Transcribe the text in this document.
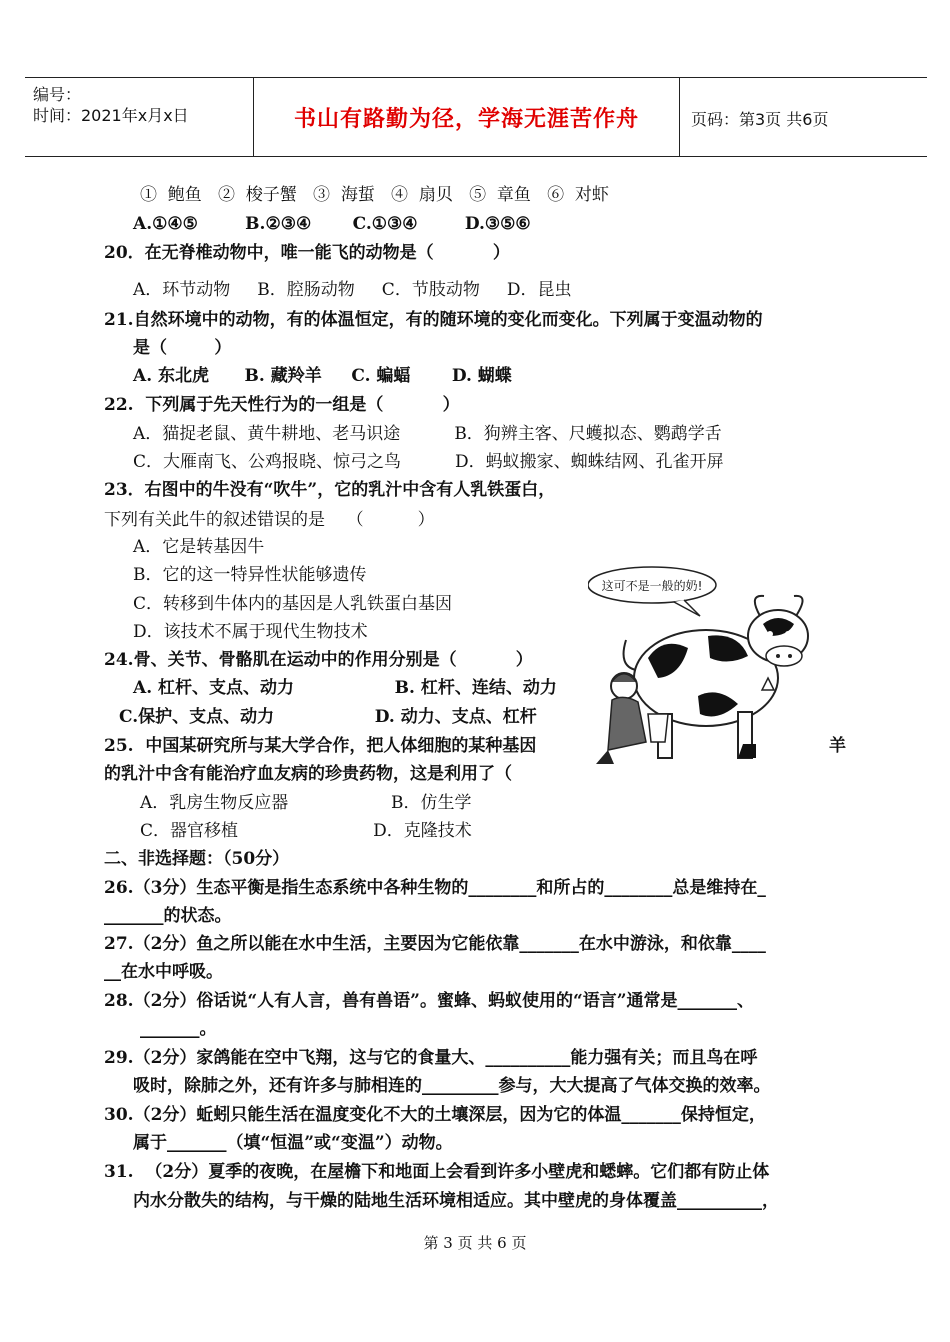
编号：
时间：2021年x月x日	书山有路勤为径，学海无涯苦作舟	页码：第3页 共6页
①  鲍鱼   ②  梭子蟹   ③  海蜇   ④  扇贝   ⑤  章鱼   ⑥  对虾
A.①④⑤        B.②③④       C.①③④        D.③⑤⑥
20．在无脊椎动物中，唯一能飞的动物是（          ）
A．环节动物     B．腔肠动物     C．节肢动物     D．昆虫
21.自然环境中的动物，有的体温恒定，有的随环境的变化而变化。下列属于变温动物的
是（        ）
A. 东北虎      B. 藏羚羊     C. 蝙蝠       D. 蝴蝶
22.  下列属于先天性行为的一组是（          ）
A．猫捉老鼠、黄牛耕地、老马识途          B．狗辨主客、尺蠖拟态、鹦鹉学舌
C．大雁南飞、公鸡报晓、惊弓之鸟          D．蚂蚁搬家、蜘蛛结网、孔雀开屏
23．右图中的牛没有“吹牛”，它的乳汁中含有人乳铁蛋白，
下列有关此牛的叙述错误的是    （          ）
A．它是转基因牛
B．它的这一特异性状能够遗传
C．转移到牛体内的基因是人乳铁蛋白基因
D．该技术不属于现代生物技术
24.骨、关节、骨骼肌在运动中的作用分别是（          ）
A. 杠杆、支点、动力                 B. 杠杆、连结、动力
C.保护、支点、动力                 D. 动力、支点、杠杆
25.  中国某研究所与某大学合作，把人体细胞的某种基因	羊
的乳汁中含有能治疗血友病的珍贵药物，这是利用了（
A．乳房生物反应器                   B．仿生学
C．器官移植                         D．克隆技术
二、非选择题：（50分）
26.（3分）生态平衡是指生态系统中各种生物的________和所占的________总是维持在_
_______的状态。
27.（2分）鱼之所以能在水中生活，主要因为它能依靠_______在水中游泳，和依靠____
__在水中呼吸。
28.（2分）俗话说“人有人言，兽有兽语”。蜜蜂、蚂蚁使用的“语言”通常是_______、
_______。
29.（2分）家鸽能在空中飞翔，这与它的食量大、__________能力强有关；而且鸟在呼
吸时，除肺之外，还有许多与肺相连的_________参与，大大提高了气体交换的效率。
30.（2分）蚯蚓只能生活在温度变化不大的土壤深层，因为它的体温_______保持恒定，
属于_______（填“恒温”或“变温”）动物。
31.  （2分）夏季的夜晚，在屋檐下和地面上会看到许多小壁虎和蟋蟀。它们都有防止体
内水分散失的结构，与干燥的陆地生活环境相适应。其中壁虎的身体覆盖__________，
这可不是一般的奶!
第 3 页 共 6 页
